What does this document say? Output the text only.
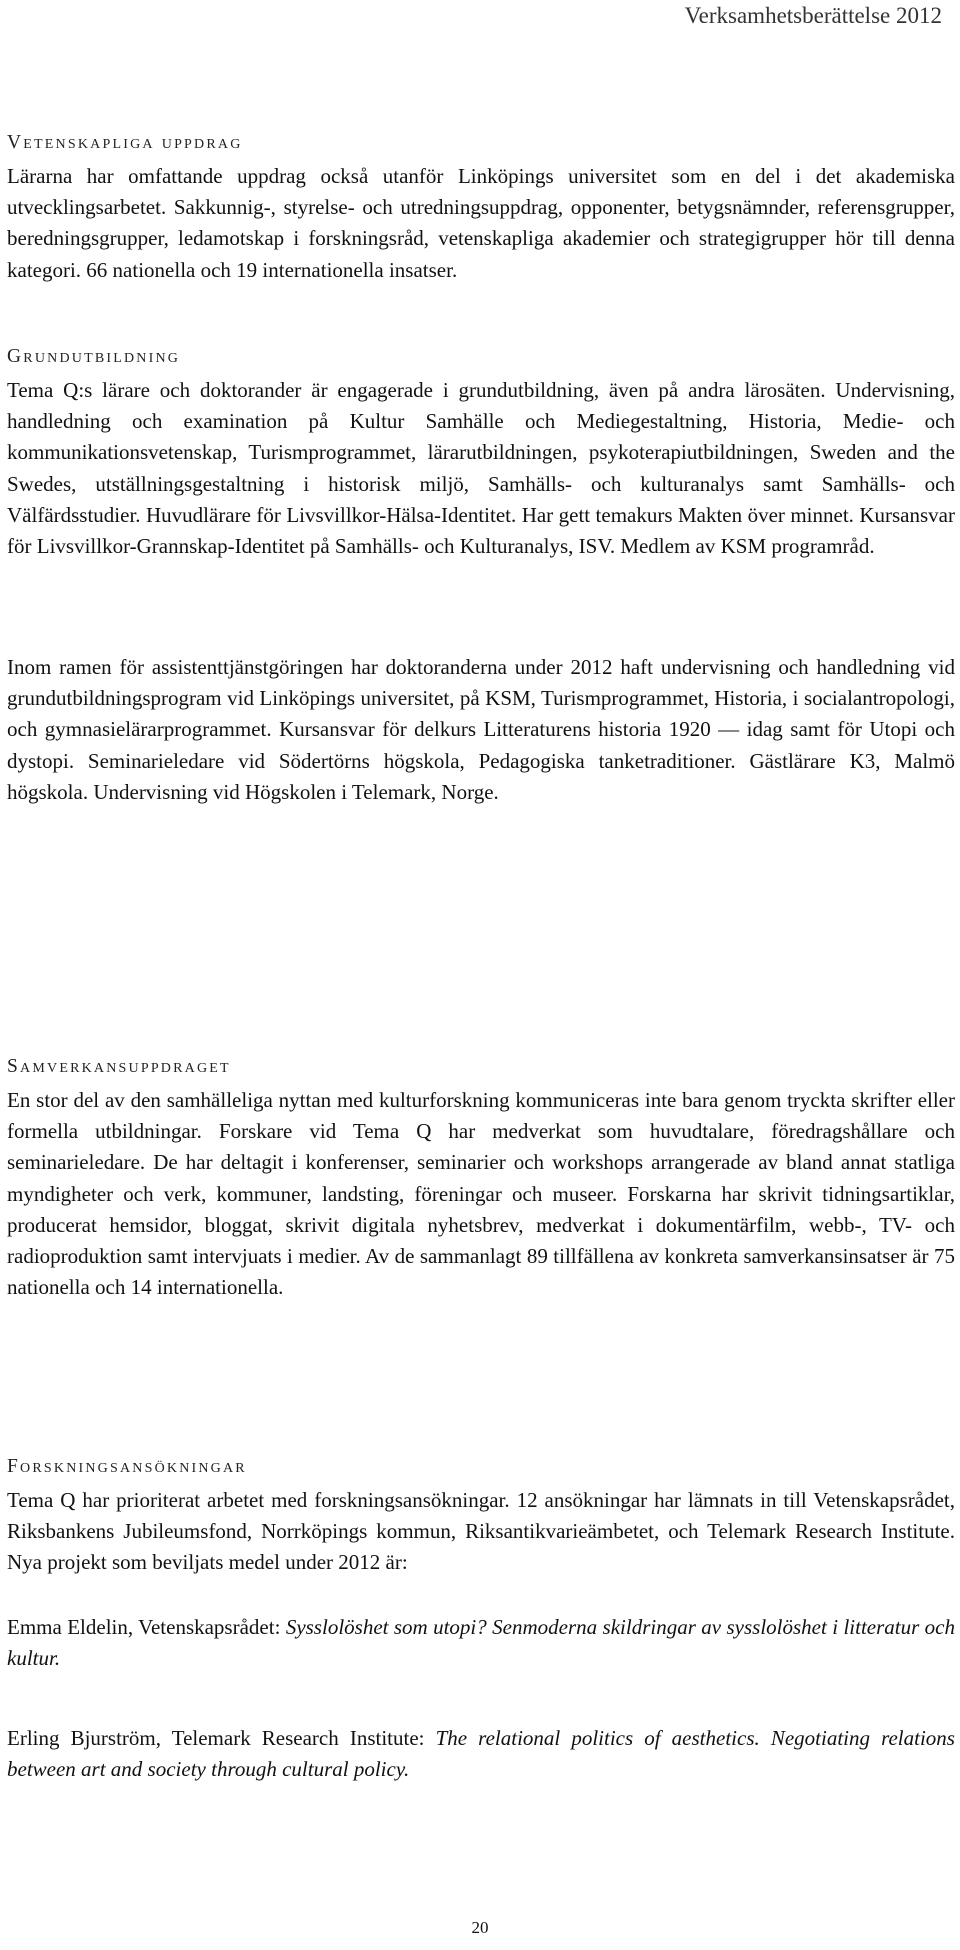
Verksamhetsberättelse 2012
Vetenskapliga uppdrag

Lärarna har omfattande uppdrag också utanför Linköpings universitet som en del i det akademiska utvecklingsarbetet. Sakkunnig-, styrelse- och utredningsuppdrag, opponenter, betygsnämnder, referensgrupper, beredningsgrupper, ledamotskap i forskningsråd, vetenskapliga akademier och strategigrupper hör till denna kategori. 66 nationella och 19 internationella insatser.

Grundutbildning

Tema Q:s lärare och doktorander är engagerade i grundutbildning, även på andra lärosäten. Undervisning, handledning och examination på Kultur Samhälle och Mediegestaltning, Historia, Medie- och kommunikationsvetenskap, Turismprogrammet, lärarutbildningen, psykoterapiutbildningen, Sweden and the Swedes, utställningsgestaltning i historisk miljö, Samhälls- och kulturanalys samt Samhälls- och Välfärdsstudier. Huvudlärare för Livsvillkor-Hälsa-Identitet. Har gett temakurs Makten över minnet. Kursansvar för Livsvillkor-Grannskap-Identitet på Samhälls- och Kulturanalys, ISV. Medlem av KSM programråd.

Inom ramen för assistenttjänstgöringen har doktoranderna under 2012 haft undervisning och handledning vid grundutbildningsprogram vid Linköpings universitet, på KSM, Turismprogrammet, Historia, i socialantropologi, och gymnasielärarprogrammet. Kursansvar för delkurs Litteraturens historia 1920 — idag samt för Utopi och dystopi. Seminarieledare vid Södertörns högskola, Pedagogiska tanketraditioner. Gästlärare K3, Malmö högskola. Undervisning vid Högskolen i Telemark, Norge.

Samverkansuppdraget

En stor del av den samhälleliga nyttan med kulturforskning kommuniceras inte bara genom tryckta skrifter eller formella utbildningar. Forskare vid Tema Q har medverkat som huvudtalare, föredragshållare och seminarieledare. De har deltagit i konferenser, seminarier och workshops arrangerade av bland annat statliga myndigheter och verk, kommuner, landsting, föreningar och museer. Forskarna har skrivit tidningsartiklar, producerat hemsidor, bloggat, skrivit digitala nyhetsbrev, medverkat i dokumentärfilm, webb-, TV- och radioproduktion samt intervjuats i medier. Av de sammanlagt 89 tillfällena av konkreta samverkansinsatser är 75 nationella och 14 internationella.

Forskningsansökningar

Tema Q har prioriterat arbetet med forskningsansökningar. 12 ansökningar har lämnats in till Vetenskapsrådet, Riksbankens Jubileumsfond, Norrköpings kommun, Riksantikvarieämbetet, och Telemark Research Institute. Nya projekt som beviljats medel under 2012 är:

Emma Eldelin, Vetenskapsrådet: Sysslolöshet som utopi? Senmoderna skildringar av sysslolöshet i litteratur och kultur.

Erling Bjurström, Telemark Research Institute: The relational politics of aesthetics. Negotiating relations between art and society through cultural policy.

20
